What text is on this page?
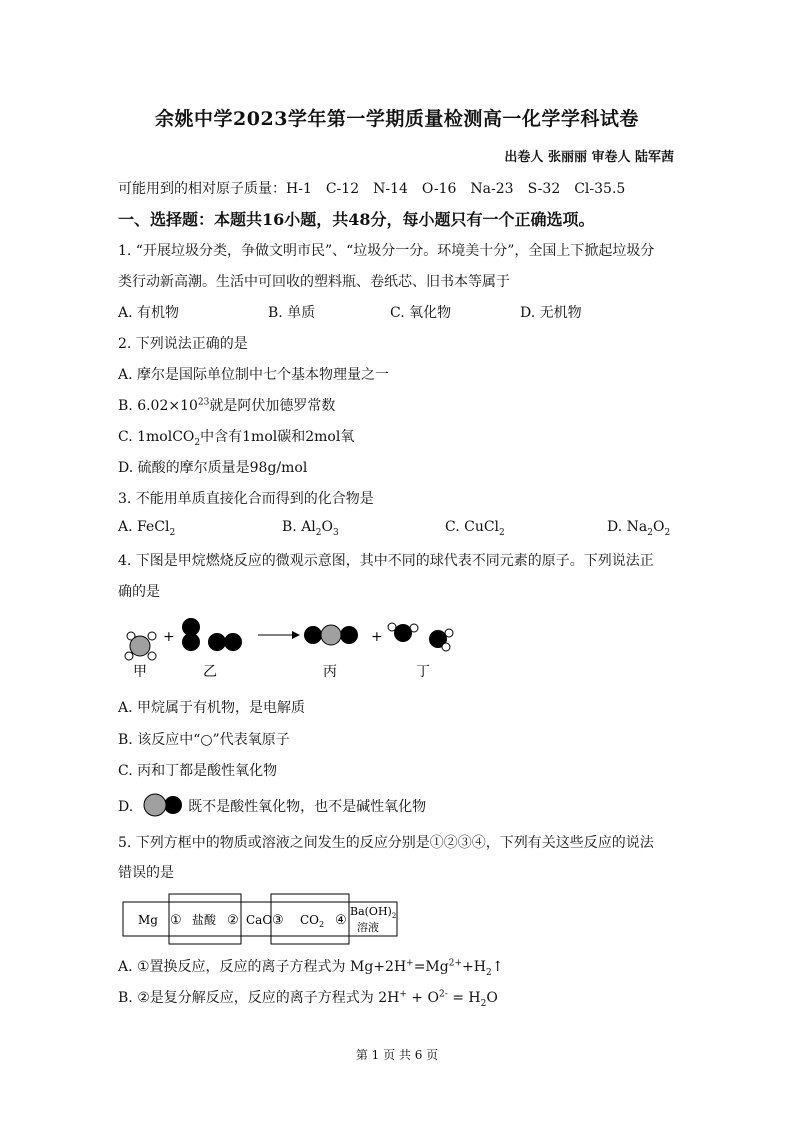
余姚中学2023学年第一学期质量检测高一化学学科试卷
出卷人 张丽丽 审卷人 陆军茜
可能用到的相对原子质量：H-1　C-12　N-14　O-16　Na-23　S-32　Cl-35.5
一、选择题：本题共16小题，共48分，每小题只有一个正确选项。
1. “开展垃圾分类，争做文明市民”、“垃圾分一分。环境美十分”，全国上下掀起垃圾分
类行动新高潮。生活中可回收的塑料瓶、卷纸芯、旧书本等属于
A. 有机物	B. 单质	C. 氧化物	D. 无机物
2. 下列说法正确的是
A. 摩尔是国际单位制中七个基本物理量之一
B. $6.02\times 10^{23}$就是阿伏加德罗常数
C. 1molCO$_2$中含有1mol碳和2mol氧
D. 硫酸的摩尔质量是98g/mol
3. 不能用单质直接化合而得到的化合物是
A. FeCl$_2$	B. $Al_2O_3$	C. CuCl$_2$	D. $Na_2O_2$
4. 下图是甲烷燃烧反应的微观示意图，其中不同的球代表不同元素的原子。下列说法正
确的是
+	+
甲	乙	丙	丁
A. 甲烷属于有机物，是电解质
B. 该反应中“○”代表氧原子
C. 丙和丁都是酸性氧化物
D.	既不是酸性氧化物，也不是碱性氧化物
5. 下列方框中的物质或溶液之间发生的反应分别是①②③④，下列有关这些反应的说法
错误的是
Mg ① 盐酸 ② CaO ③ $CO_2$ ④
$Ba(OH)_2$
溶液
A. ①置换反应，反应的离子方程式为 $Mg+2H^+=Mg^{2+}+H_2↑$
B. ②是复分解反应，反应的离子方程式为 $2H^+ + O^{2-} = H_2O$
第 1 页 共 6 页
